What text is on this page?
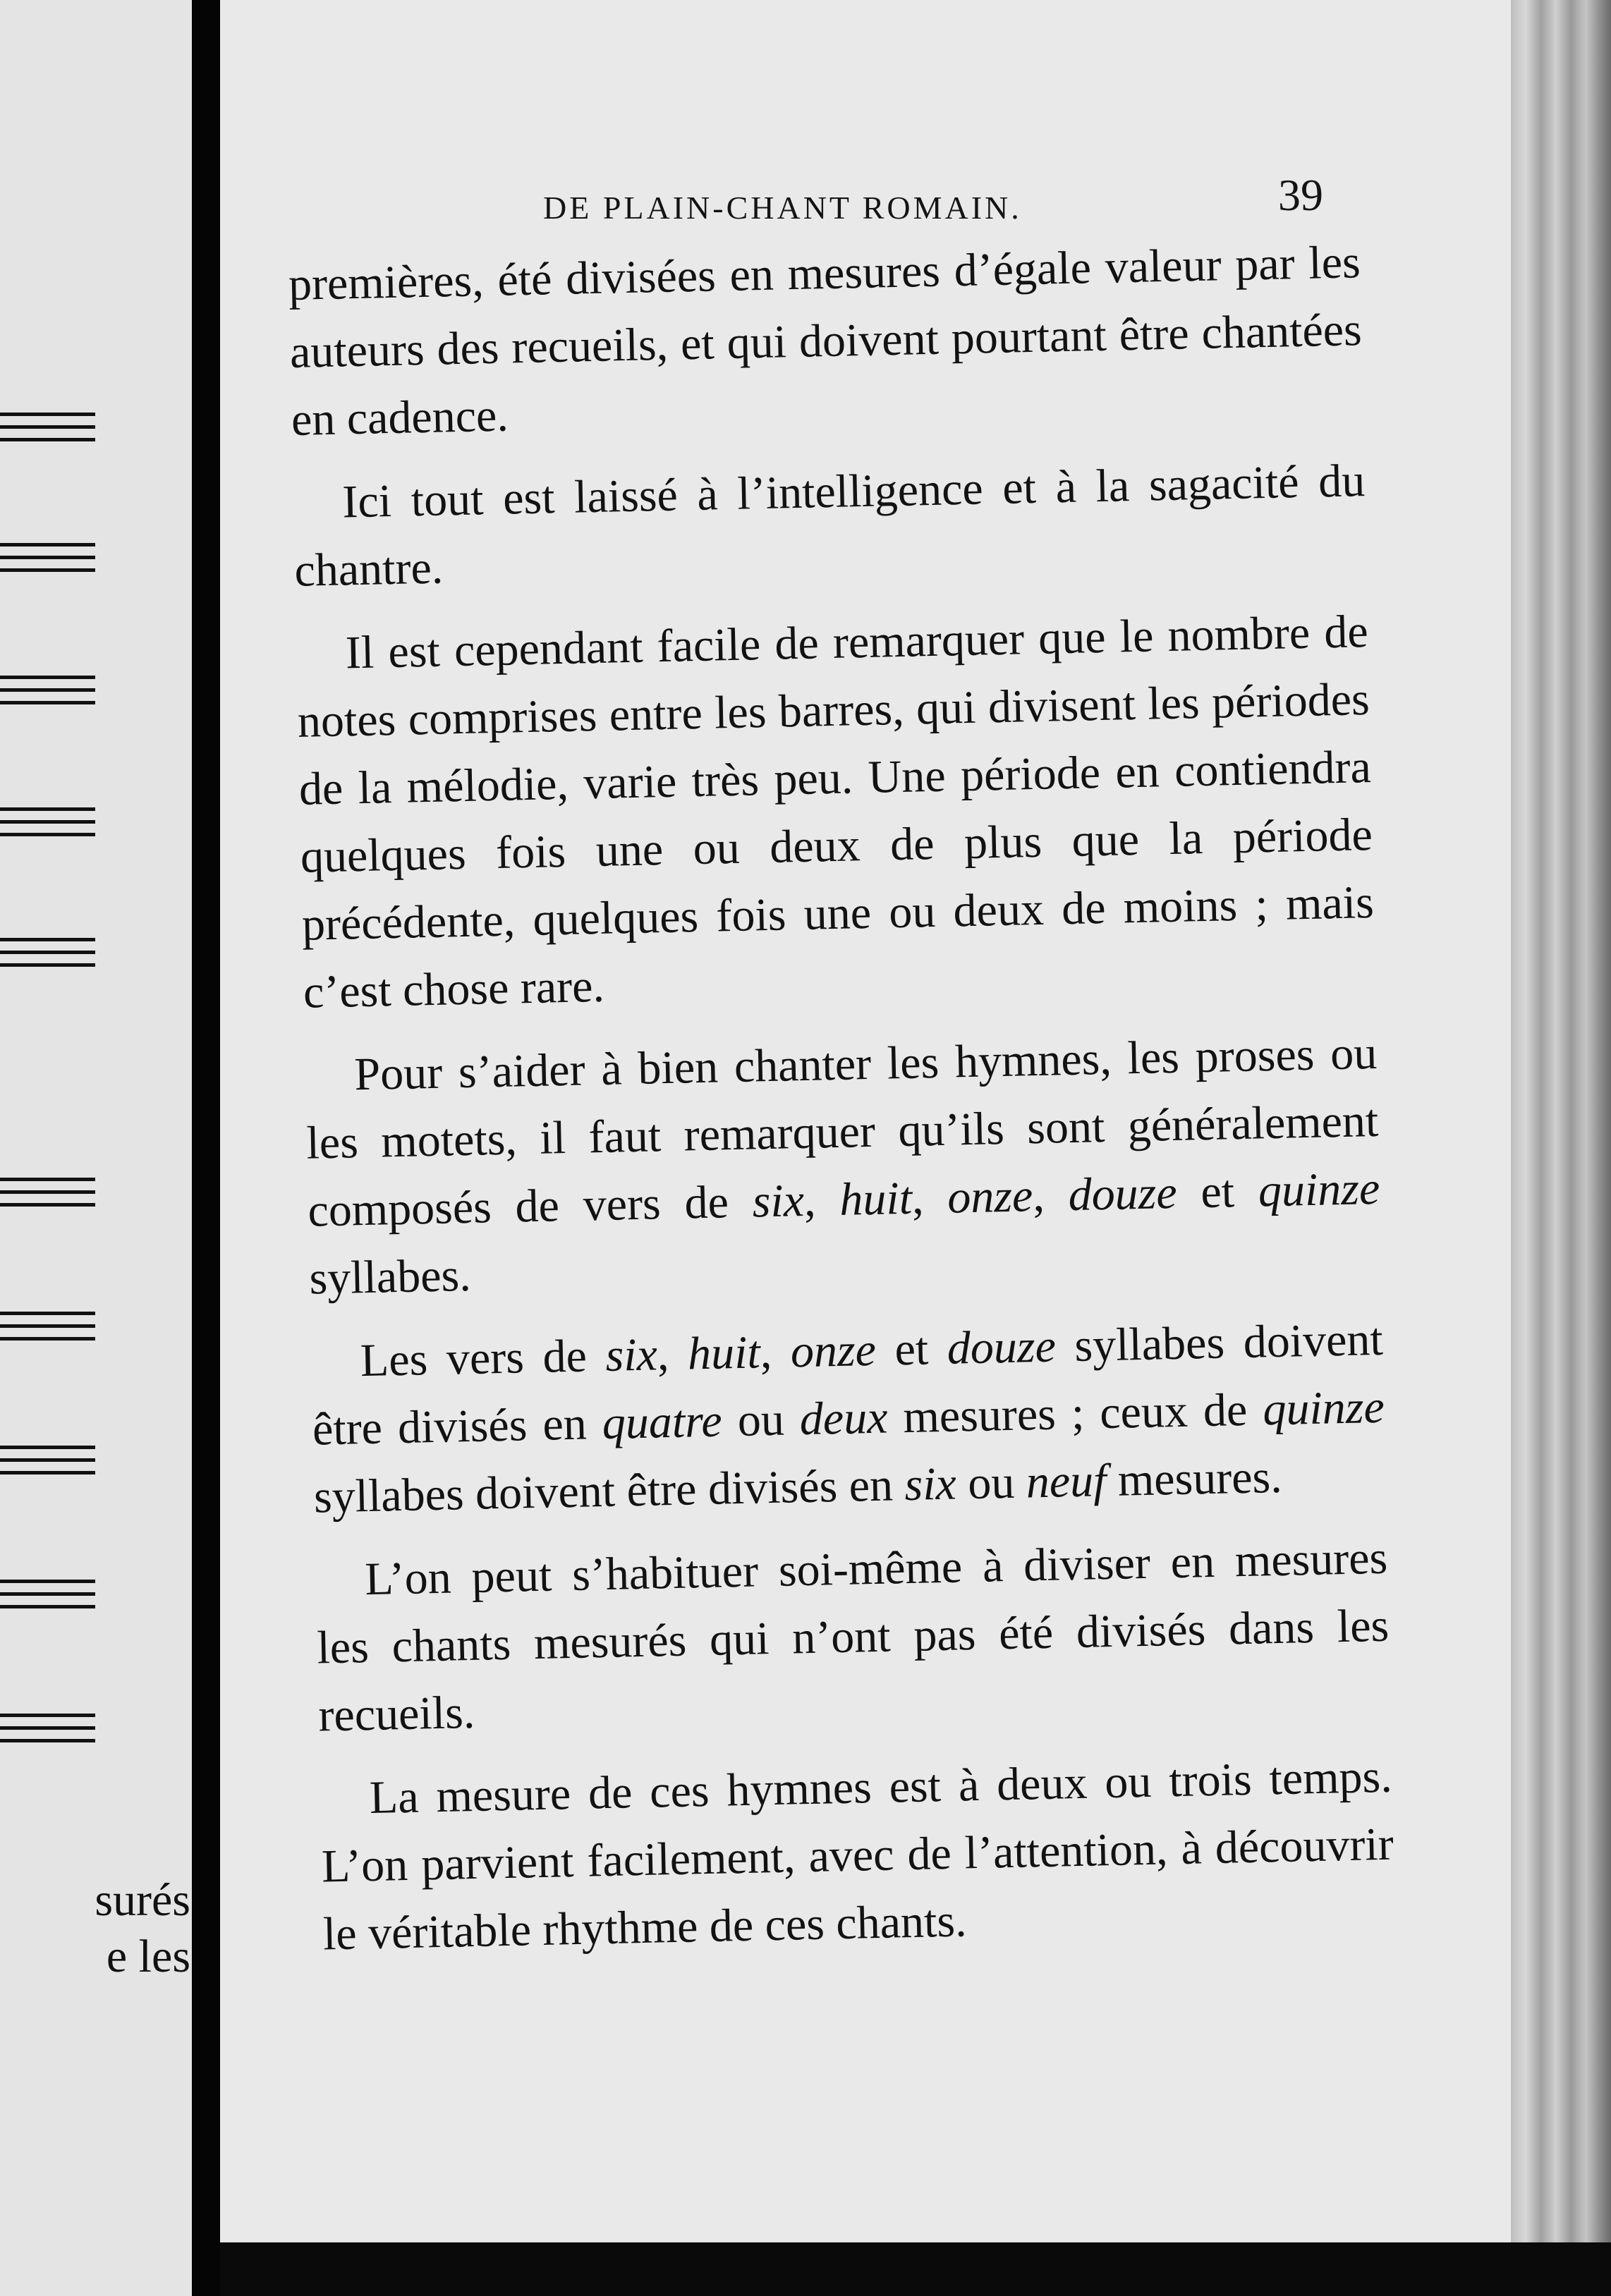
surés
e les
DE PLAIN-CHANT ROMAIN.	39

premières, été divisées en mesures d’égale valeur par les auteurs des recueils, et qui doivent pourtant être chantées en cadence.

Ici tout est laissé à l’intelligence et à la sagacité du chantre.

Il est cependant facile de remarquer que le nombre de notes comprises entre les barres, qui divisent les périodes de la mélodie, varie très peu. Une période en contiendra quelques fois une ou deux de plus que la période précédente, quelques fois une ou deux de moins ; mais c’est chose rare.

Pour s’aider à bien chanter les hymnes, les proses ou les motets, il faut remarquer qu’ils sont généralement composés de vers de six, huit, onze, douze et quinze syllabes.

Les vers de six, huit, onze et douze syllabes doivent être divisés en quatre ou deux mesures ; ceux de quinze syllabes doivent être divisés en six ou neuf mesures.

L’on peut s’habituer soi-même à diviser en mesures les chants mesurés qui n’ont pas été divisés dans les recueils.

La mesure de ces hymnes est à deux ou trois temps. L’on parvient facilement, avec de l’attention, à découvrir le véritable rhythme de ces chants.
